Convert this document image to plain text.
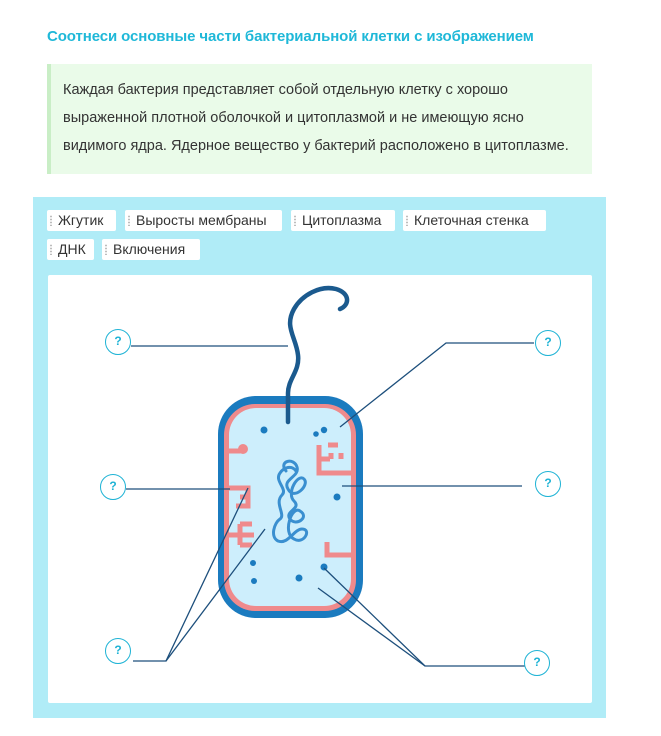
Соотнеси основные части бактериальной клетки с изображением
Каждая бактерия представляет собой отдельную клетку с хорошо выраженной плотной оболочкой и цитоплазмой и не имеющую ясно видимого ядра. Ядерное вещество у бактерий расположено в цитоплазме.
Жгутик	Выросты мембраны	Цитоплазма	Клеточная стенка
ДНК	Включения
?	?
?	?
?
?
